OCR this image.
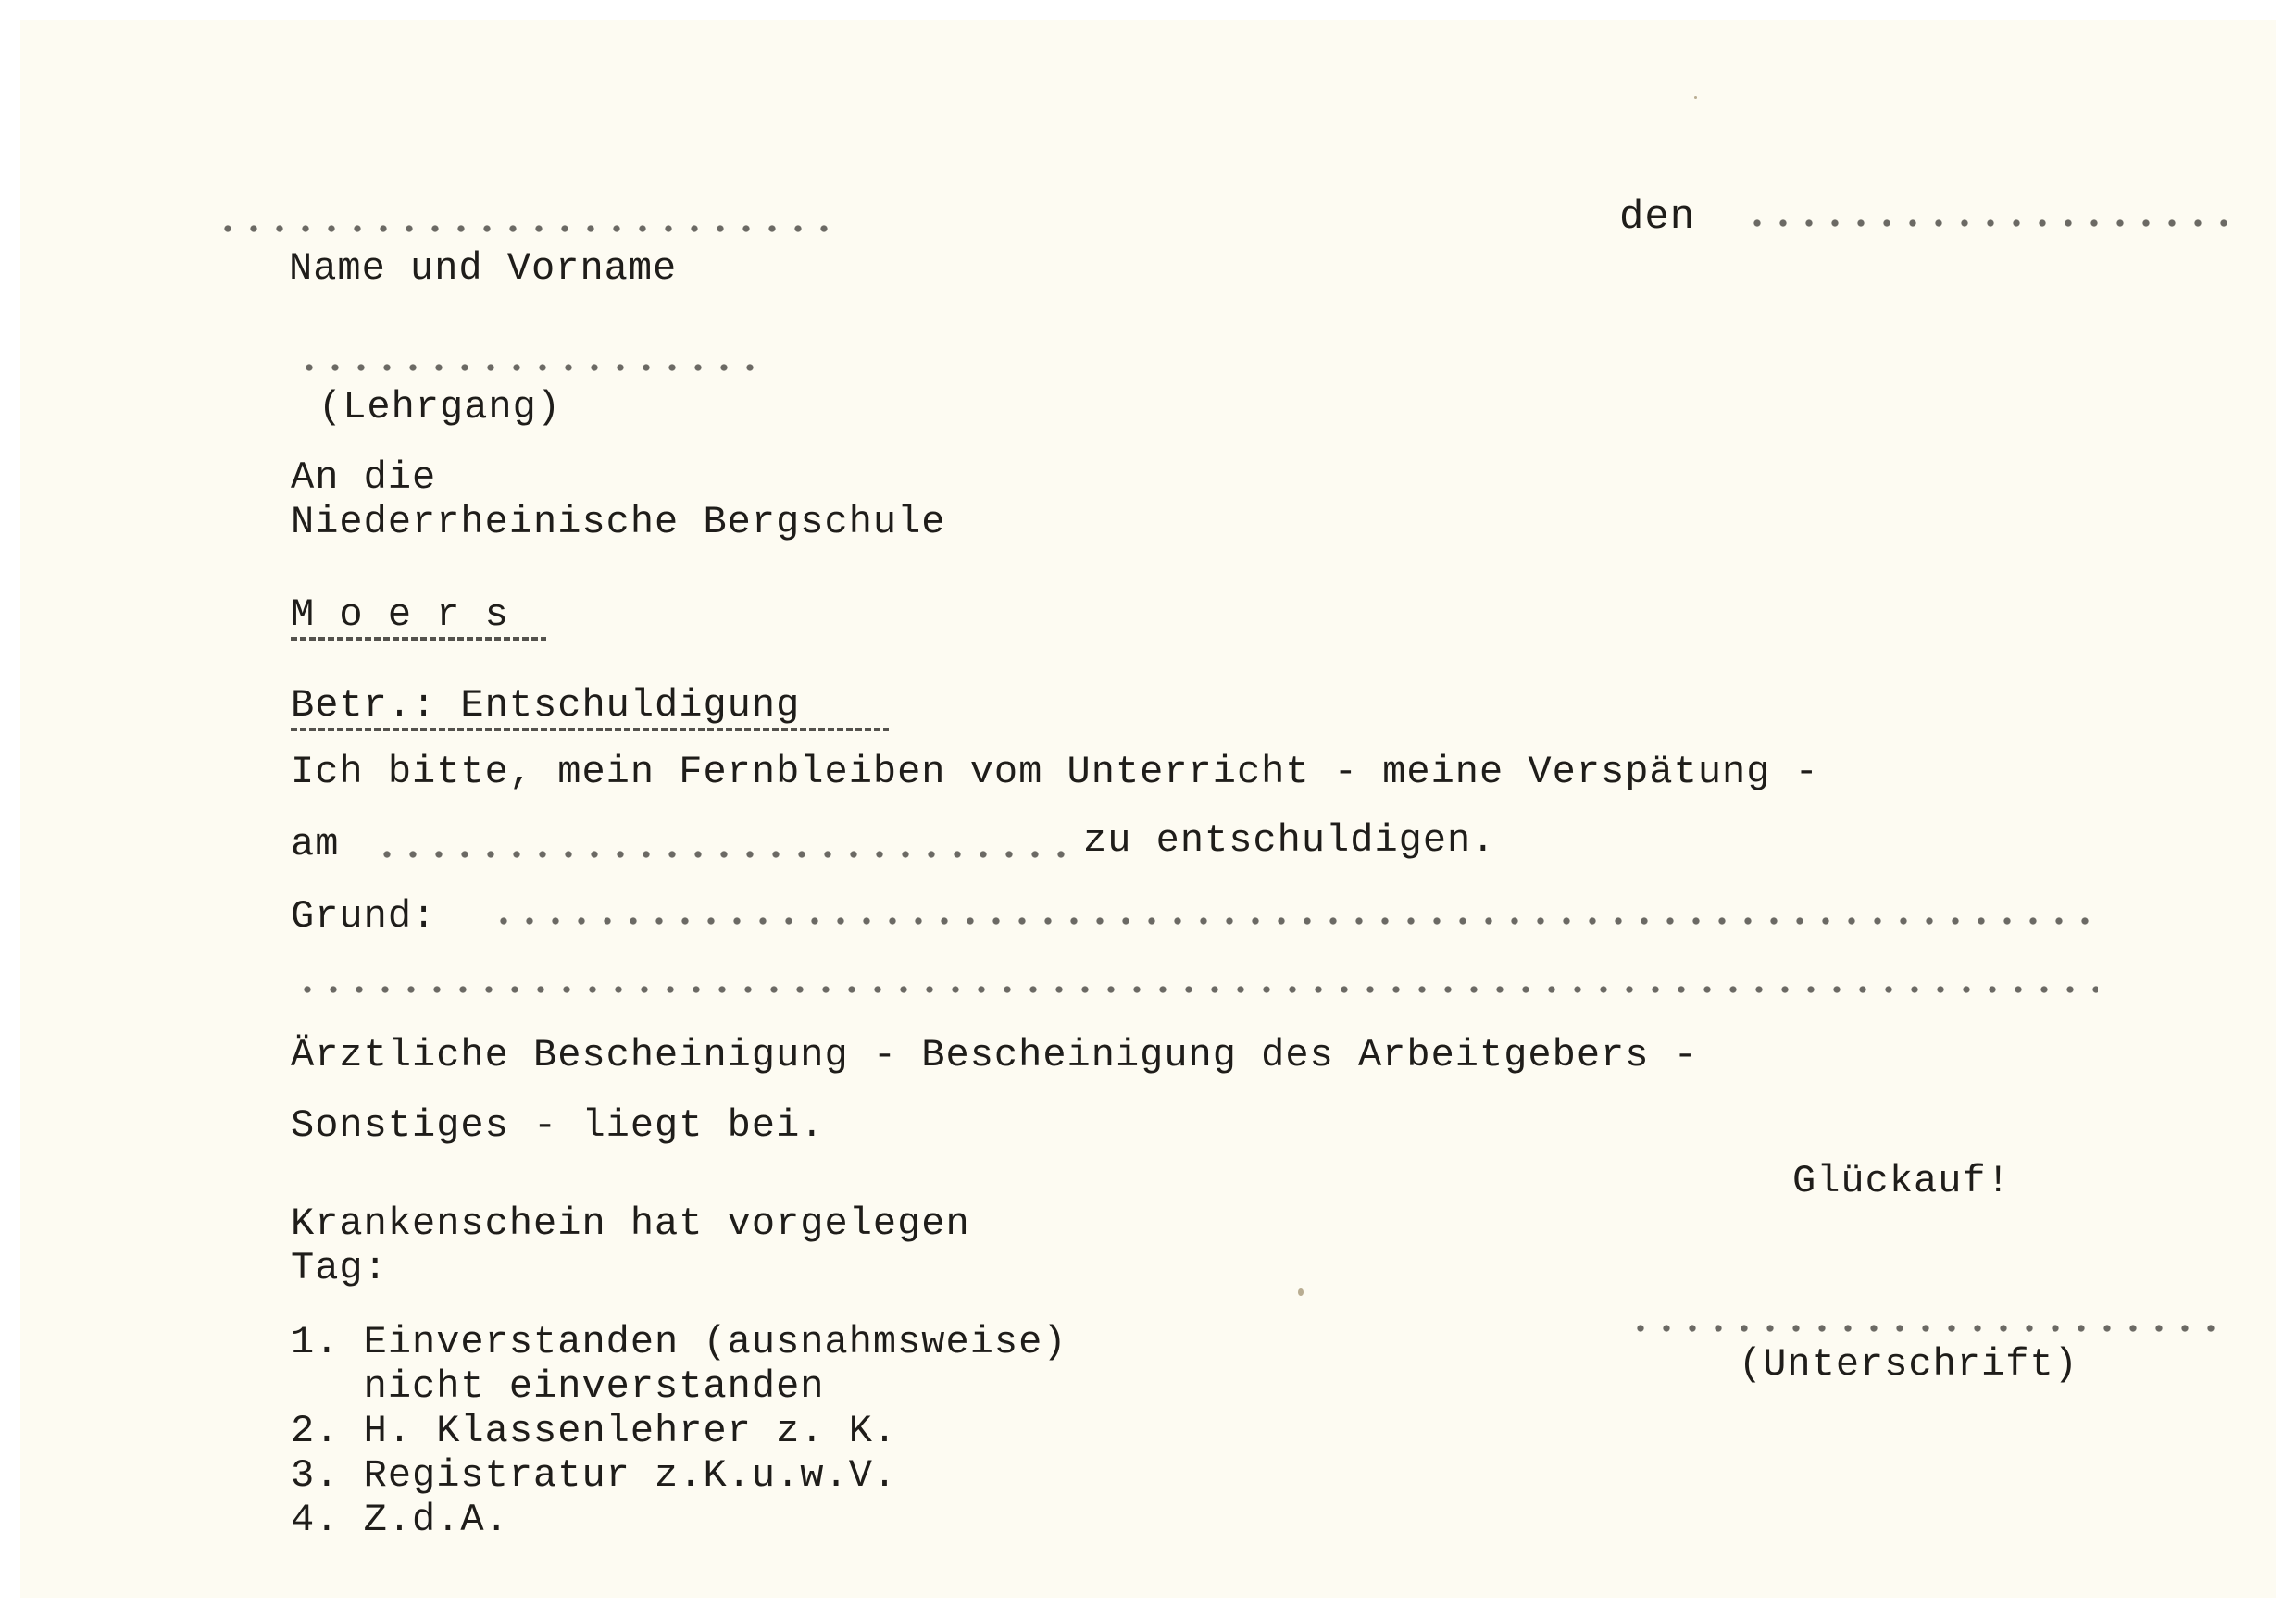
Name und Vorname
den
(Lehrgang)
An die
Niederrheinische Bergschule
M o e r s
Betr.: Entschuldigung
Ich bitte, mein Fernbleiben vom Unterricht - meine Verspätung -
am	zu entschuldigen.
Grund:
Ärztliche Bescheinigung - Bescheinigung des Arbeitgebers -
Sonstiges - liegt bei.
Glückauf!
(Unterschrift)
Krankenschein hat vorgelegen
Tag:
1. Einverstanden (ausnahmsweise)
nicht einverstanden
2. H. Klassenlehrer z. K.
3. Registratur z.K.u.w.V.
4. Z.d.A.
